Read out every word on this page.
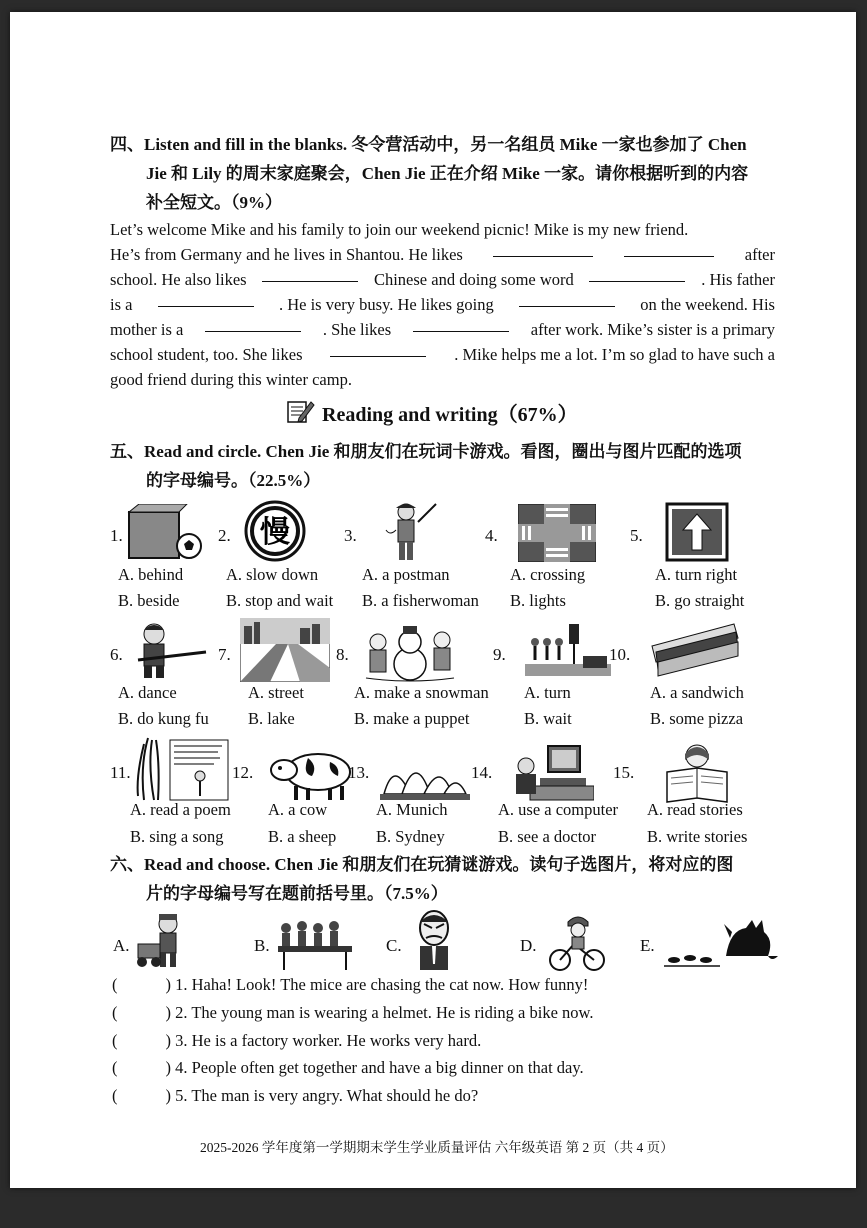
四、Listen and fill in the blanks. 冬令营活动中，另一名组员 Mike 一家也参加了 Chen
Jie 和 Lily 的周末家庭聚会，Chen Jie 正在介绍 Mike 一家。请你根据听到的内容
补全短文。（9%）
Let’s welcome Mike and his family to join our weekend picnic! Mike is my new friend.
He’s from Germany and he lives in Shantou. He likes	after
school. He also likes	Chinese and doing some word	. His father
is a	. He is very busy. He likes going	on the weekend. His
mother is a	. She likes	after work. Mike’s sister is a primary
school student, too. She likes	. Mike helps me a lot. I’m so glad to have such a
good friend during this winter camp.
Reading and writing（67%）
五、Read and circle. Chen Jie 和朋友们在玩词卡游戏。看图，圈出与图片匹配的选项
的字母编号。（22.5%）
慢
1.	2.	3.	4.	5.
A. behind
B. beside
A. slow down
B. stop and wait
A. a postman
B. a fisherwoman
A. crossing
B. lights
A. turn right
B. go straight
6.	7.	8.	9.	10.
A. dance
B. do kung fu
A. street
B. lake
A. make a snowman
B. make a puppet
A. turn
B. wait
A. a sandwich
B. some pizza
11.	12.	13.	14.	15.
A. read a poem
B. sing a song
A. a cow
B. a sheep
A. Munich
B. Sydney
A. use a computer
B. see a doctor
A. read stories
B. write stories
六、Read and choose. Chen Jie 和朋友们在玩猜谜游戏。读句子选图片，将对应的图
片的字母编号写在题前括号里。（7.5%）
A.	B.	C.	D.	E.
(	) 1. Haha! Look! The mice are chasing the cat now. How funny!
(	) 2. The young man is wearing a helmet. He is riding a bike now.
(	) 3. He is a factory worker. He works very hard.
(	) 4. People often get together and have a big dinner on that day.
(	) 5. The man is very angry. What should he do?
2025-2026 学年度第一学期期末学生学业质量评估 六年级英语 第 2 页（共 4 页）
